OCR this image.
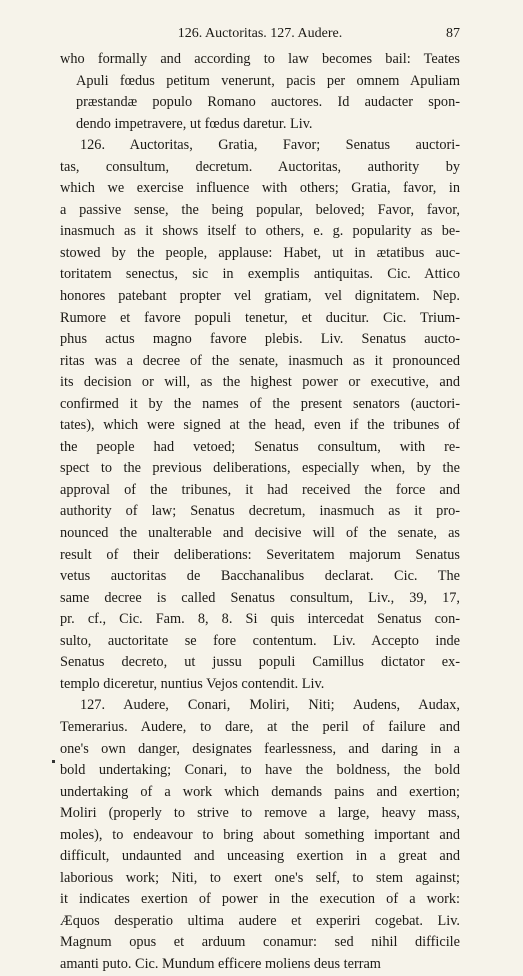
126. Auctoritas. 127. Audere.	87
who formally and according to law becomes bail: Teates
Apuli fœdus petitum venerunt, pacis per omnem Apuliam
præstandæ populo Romano auctores. Id audacter spon-
dendo impetravere, ut fœdus daretur. Liv.
126. Auctoritas, Gratia, Favor; Senatus auctori-
tas, consultum, decretum. Auctoritas, authority by
which we exercise influence with others; Gratia, favor, in
a passive sense, the being popular, beloved; Favor, favor,
inasmuch as it shows itself to others, e. g. popularity as be-
stowed by the people, applause: Habet, ut in ætatibus auc-
toritatem senectus, sic in exemplis antiquitas. Cic. Attico
honores patebant propter vel gratiam, vel dignitatem. Nep.
Rumore et favore populi tenetur, et ducitur. Cic. Trium-
phus actus magno favore plebis. Liv. Senatus aucto-
ritas was a decree of the senate, inasmuch as it pronounced
its decision or will, as the highest power or executive, and
confirmed it by the names of the present senators (auctori-
tates), which were signed at the head, even if the tribunes of
the people had vetoed; Senatus consultum, with re-
spect to the previous deliberations, especially when, by the
approval of the tribunes, it had received the force and
authority of law; Senatus decretum, inasmuch as it pro-
nounced the unalterable and decisive will of the senate, as
result of their deliberations: Severitatem majorum Senatus
vetus auctoritas de Bacchanalibus declarat. Cic. The
same decree is called Senatus consultum, Liv., 39, 17,
pr. cf., Cic. Fam. 8, 8. Si quis intercedat Senatus con-
sulto, auctoritate se fore contentum. Liv. Accepto inde
Senatus decreto, ut jussu populi Camillus dictator ex-
templo diceretur, nuntius Vejos contendit. Liv.
127. Audere, Conari, Moliri, Niti; Audens, Audax,
Temerarius. Audere, to dare, at the peril of failure and
one's own danger, designates fearlessness, and daring in a
bold undertaking; Conari, to have the boldness, the bold
undertaking of a work which demands pains and exertion;
Moliri (properly to strive to remove a large, heavy mass,
moles), to endeavour to bring about something important and
difficult, undaunted and unceasing exertion in a great and
laborious work; Niti, to exert one's self, to stem against;
it indicates exertion of power in the execution of a work:
Æquos desperatio ultima audere et experiri cogebat. Liv.
Magnum opus et arduum conamur: sed nihil difficile
amanti puto. Cic. Mundum efficere moliens deus terram
